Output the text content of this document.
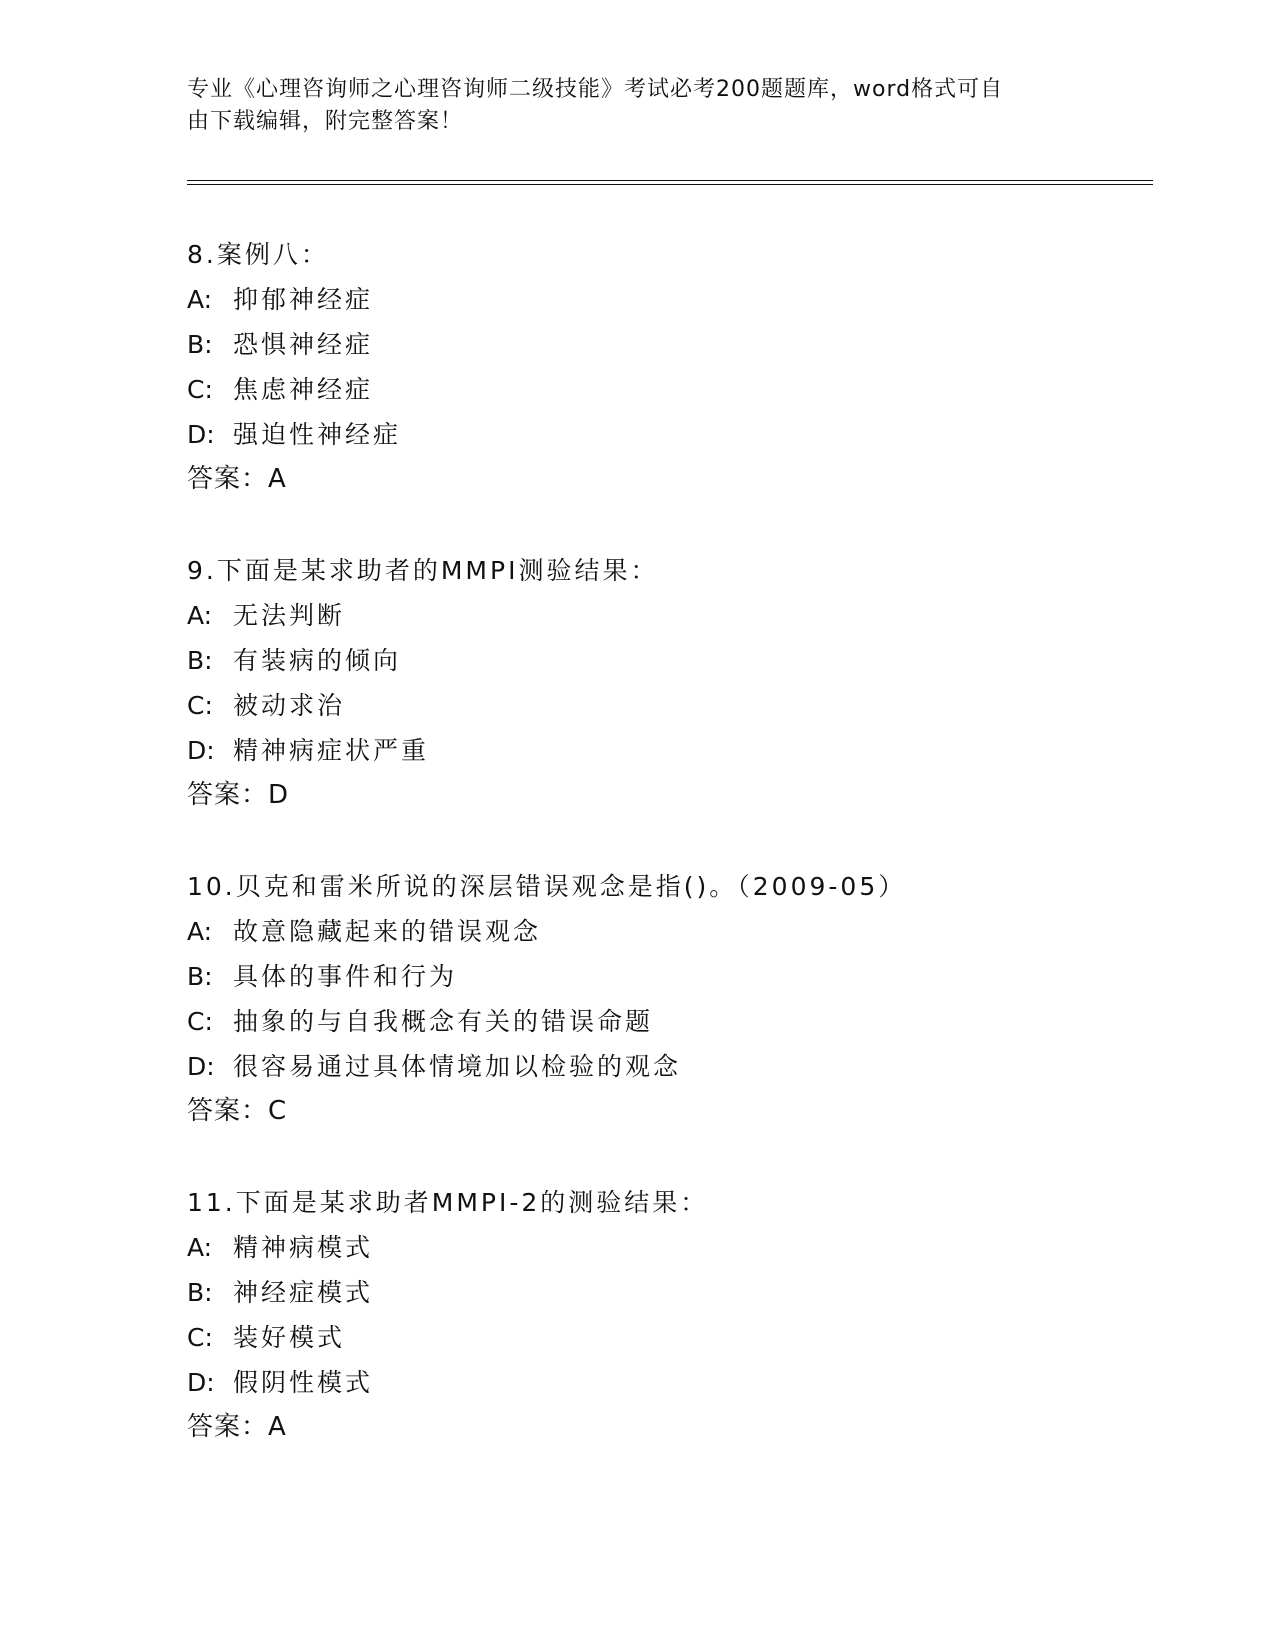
专业《心理咨询师之心理咨询师二级技能》考试必考200题题库，word格式可自
由下载编辑，附完整答案！
8.案例八：
A: 抑郁神经症
B: 恐惧神经症
C: 焦虑神经症
D: 强迫性神经症
答案：A
9.下面是某求助者的MMPI测验结果：
A: 无法判断
B: 有装病的倾向
C: 被动求治
D: 精神病症状严重
答案：D
10.贝克和雷米所说的深层错误观念是指()。（2009-05）
A: 故意隐藏起来的错误观念
B: 具体的事件和行为
C: 抽象的与自我概念有关的错误命题
D: 很容易通过具体情境加以检验的观念
答案：C
11.下面是某求助者MMPI-2的测验结果：
A: 精神病模式
B: 神经症模式
C: 装好模式
D: 假阴性模式
答案：A
